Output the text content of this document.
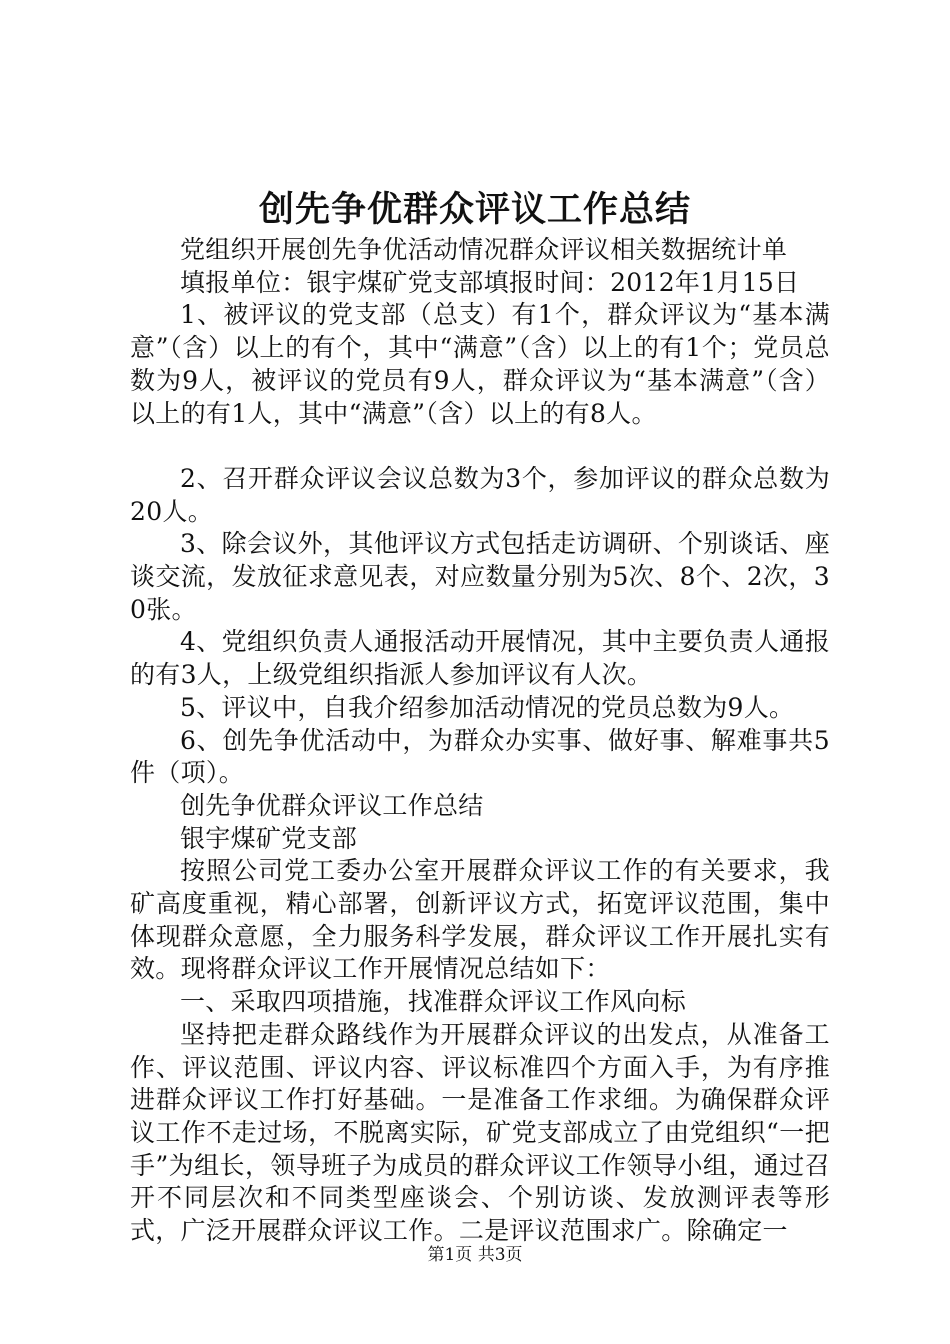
创先争优群众评议工作总结

党组织开展创先争优活动情况群众评议相关数据统计单

填报单位：银宇煤矿党支部填报时间：2012年1月15日

1、被评议的党支部（总支）有1个，群众评议为“基本满意”（含）以上的有个，其中“满意”（含）以上的有1个；党员总数为9人，被评议的党员有9人，群众评议为“基本满意”（含）以上的有1人，其中“满意”（含）以上的有8人。

2、召开群众评议会议总数为3个，参加评议的群众总数为20人。

3、除会议外，其他评议方式包括走访调研、个别谈话、座谈交流，发放征求意见表，对应数量分别为5次、8个、2次，30张。

4、党组织负责人通报活动开展情况，其中主要负责人通报的有3人，上级党组织指派人参加评议有人次。

5、评议中，自我介绍参加活动情况的党员总数为9人。

6、创先争优活动中，为群众办实事、做好事、解难事共5件（项）。

创先争优群众评议工作总结

银宇煤矿党支部

按照公司党工委办公室开展群众评议工作的有关要求，我矿高度重视，精心部署，创新评议方式，拓宽评议范围，集中体现群众意愿，全力服务科学发展，群众评议工作开展扎实有效。现将群众评议工作开展情况总结如下：

一、采取四项措施，找准群众评议工作风向标

坚持把走群众路线作为开展群众评议的出发点，从准备工作、评议范围、评议内容、评议标准四个方面入手，为有序推进群众评议工作打好基础。一是准备工作求细。为确保群众评议工作不走过场，不脱离实际，矿党支部成立了由党组织“一把手”为组长，领导班子为成员的群众评议工作领导小组，通过召开不同层次和不同类型座谈会、个别访谈、发放测评表等形式，广泛开展群众评议工作。二是评议范围求广。除确定一

第1页 共3页
